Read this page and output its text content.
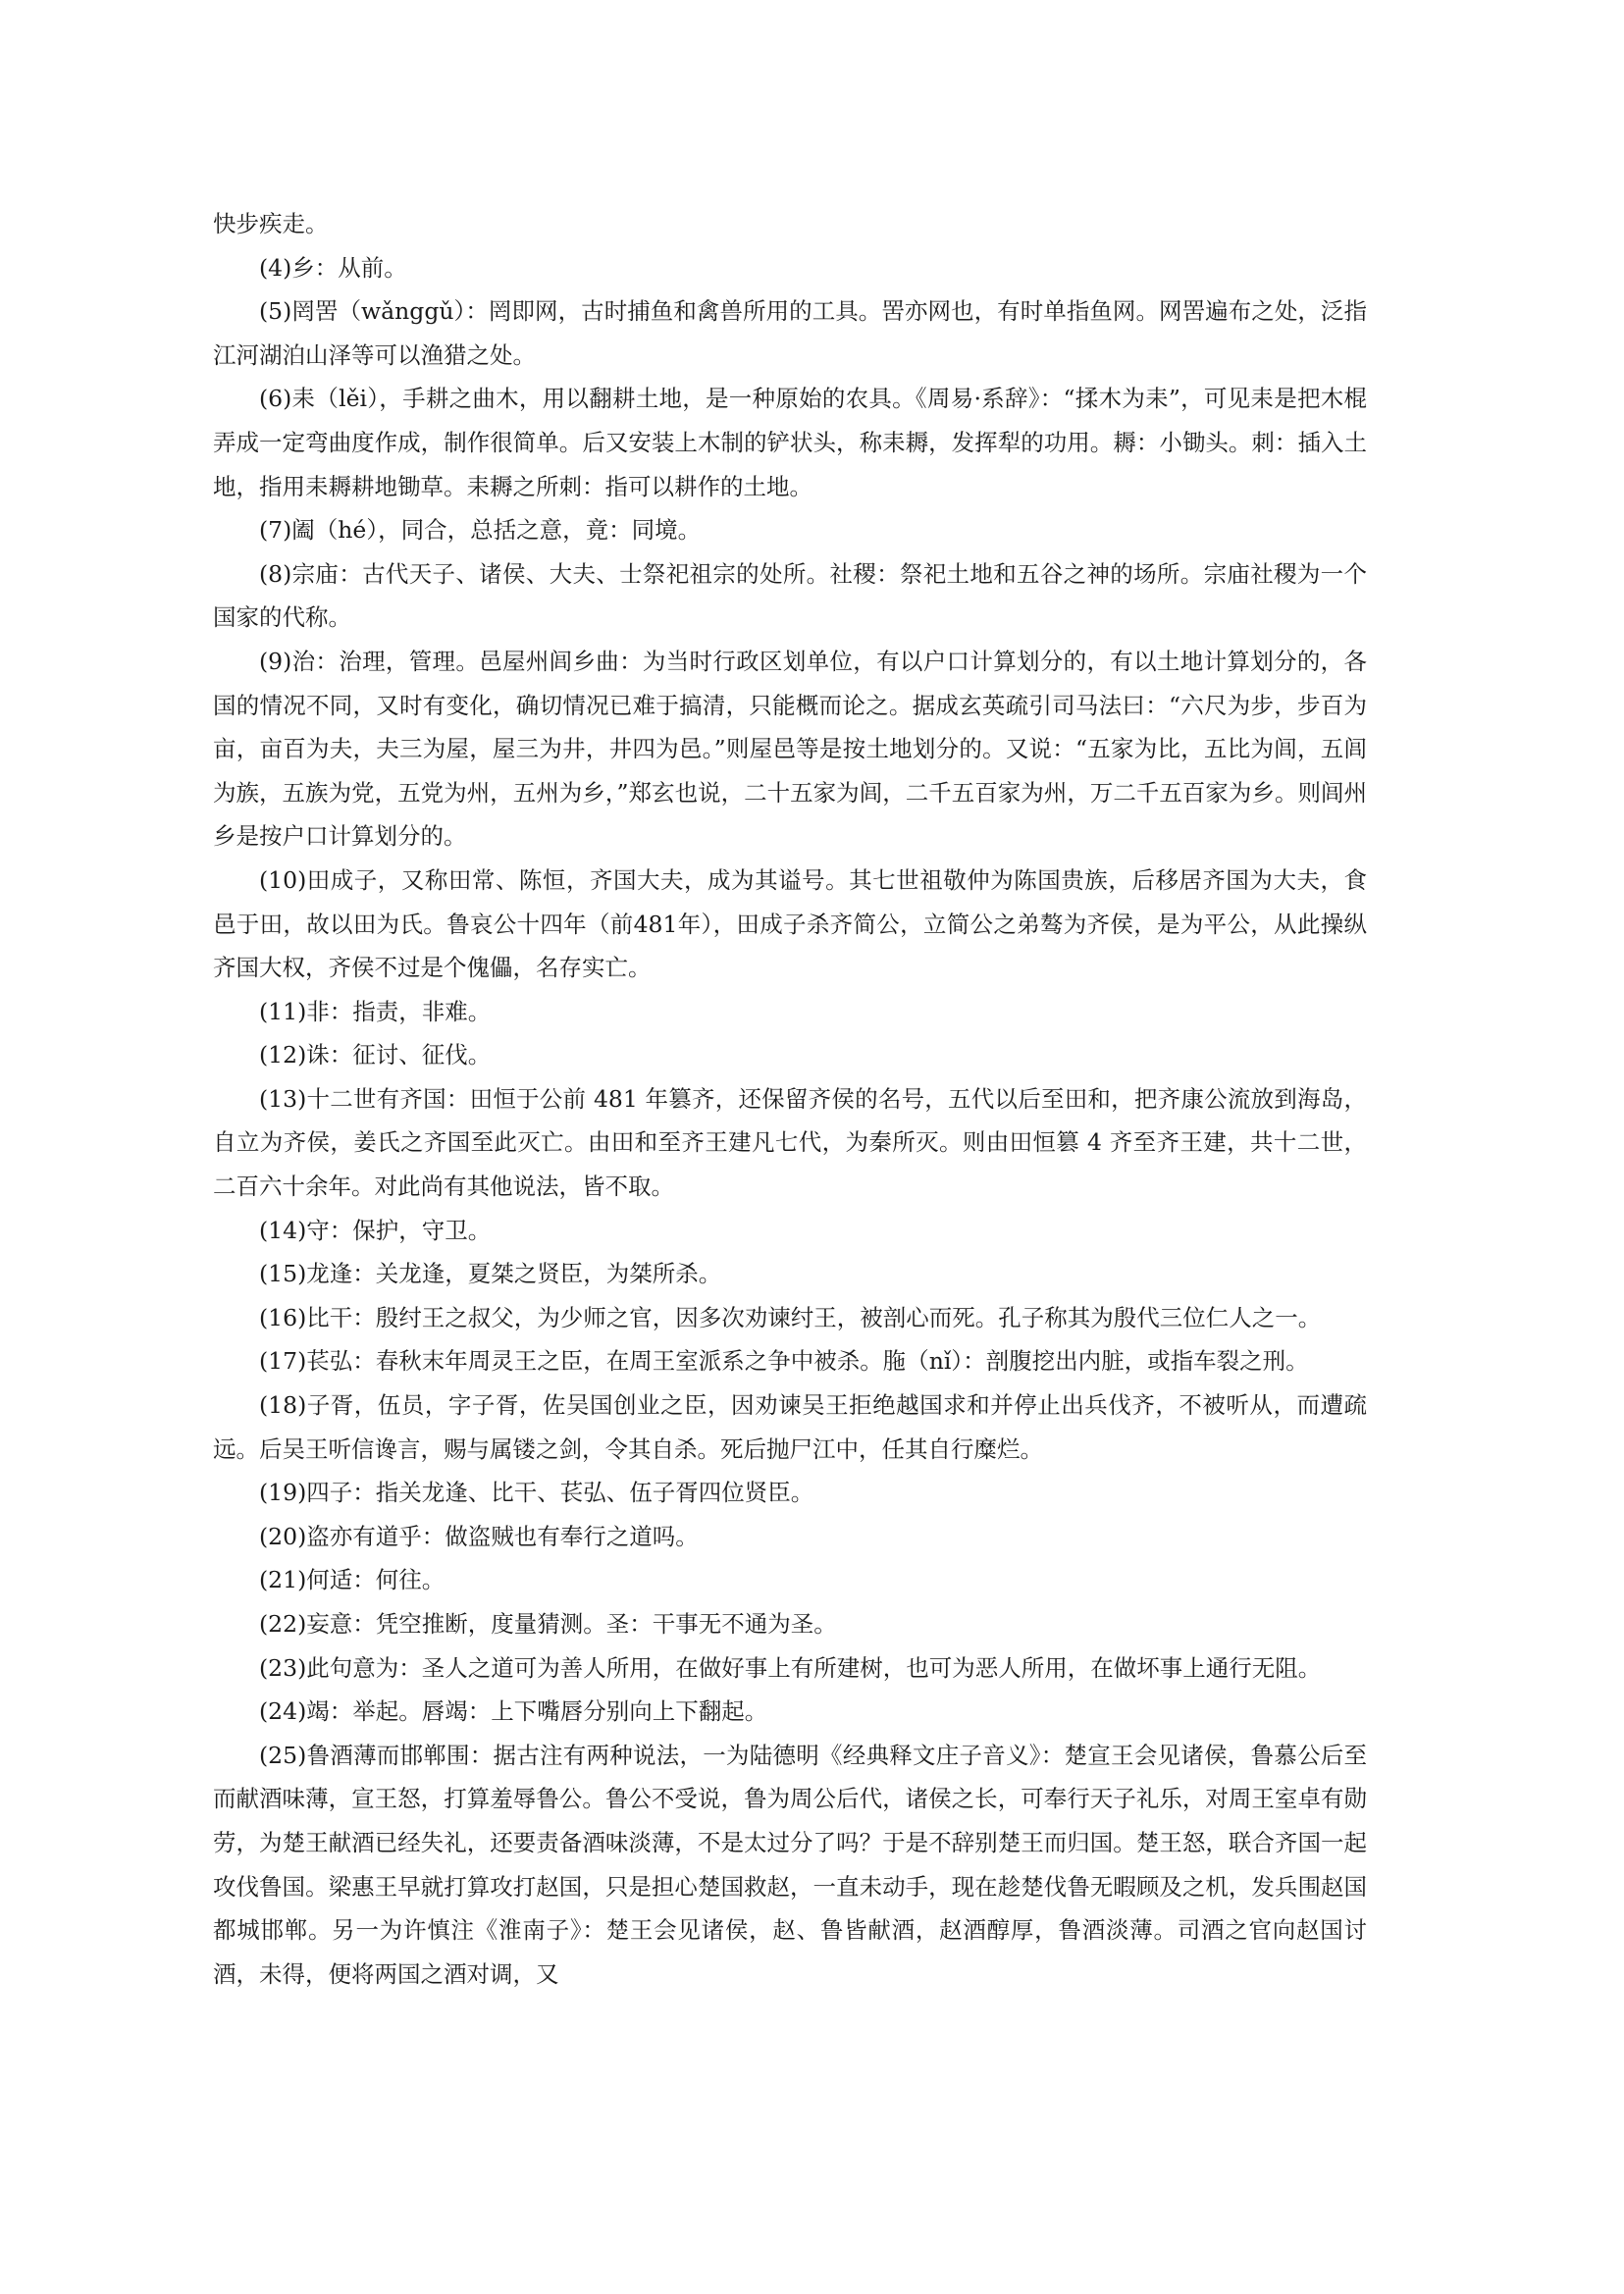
快步疾走。

(4)乡：从前。

(5)罔罟（wǎnggǔ）：罔即网，古时捕鱼和禽兽所用的工具。罟亦网也，有时单指鱼网。网罟遍布之处，泛指江河湖泊山泽等可以渔猎之处。

(6)耒（lěi），手耕之曲木，用以翻耕土地，是一种原始的农具。《周易·系辞》：“揉木为耒”，可见耒是把木棍弄成一定弯曲度作成，制作很简单。后又安装上木制的铲状头，称耒耨，发挥犁的功用。耨：小锄头。刺：插入土地，指用耒耨耕地锄草。耒耨之所刺：指可以耕作的土地。

(7)阖（hé），同合，总括之意，竟：同境。

(8)宗庙：古代天子、诸侯、大夫、士祭祀祖宗的处所。社稷：祭祀土地和五谷之神的场所。宗庙社稷为一个国家的代称。

(9)治：治理，管理。邑屋州闾乡曲：为当时行政区划单位，有以户口计算划分的，有以土地计算划分的，各国的情况不同，又时有变化，确切情况已难于搞清，只能概而论之。据成玄英疏引司马法曰：“六尺为步，步百为亩，亩百为夫，夫三为屋，屋三为井，井四为邑。”则屋邑等是按土地划分的。又说：“五家为比，五比为闾，五闾为族，五族为党，五党为州，五州为乡，”郑玄也说，二十五家为闾，二千五百家为州，万二千五百家为乡。则闾州乡是按户口计算划分的。

(10)田成子，又称田常、陈恒，齐国大夫，成为其谥号。其七世祖敬仲为陈国贵族，后移居齐国为大夫，食邑于田，故以田为氏。鲁哀公十四年（前481年），田成子杀齐简公，立简公之弟骜为齐侯，是为平公，从此操纵齐国大权，齐侯不过是个傀儡，名存实亡。

(11)非：指责，非难。

(12)诛：征讨、征伐。

(13)十二世有齐国：田恒于公前 481 年篡齐，还保留齐侯的名号，五代以后至田和，把齐康公流放到海岛，自立为齐侯，姜氏之齐国至此灭亡。由田和至齐王建凡七代，为秦所灭。则由田恒篡 4 齐至齐王建，共十二世，二百六十余年。对此尚有其他说法，皆不取。

(14)守：保护，守卫。

(15)龙逢：关龙逢，夏桀之贤臣，为桀所杀。

(16)比干：殷纣王之叔父，为少师之官，因多次劝谏纣王，被剖心而死。孔子称其为殷代三位仁人之一。

(17)苌弘：春秋末年周灵王之臣，在周王室派系之争中被杀。胣（nǐ）：剖腹挖出内脏，或指车裂之刑。

(18)子胥，伍员，字子胥，佐吴国创业之臣，因劝谏吴王拒绝越国求和并停止出兵伐齐，不被听从，而遭疏远。后吴王听信谗言，赐与属镂之剑，令其自杀。死后抛尸江中，任其自行糜烂。

(19)四子：指关龙逢、比干、苌弘、伍子胥四位贤臣。

(20)盗亦有道乎：做盗贼也有奉行之道吗。

(21)何适：何往。

(22)妄意：凭空推断，度量猜测。圣：干事无不通为圣。

(23)此句意为：圣人之道可为善人所用，在做好事上有所建树，也可为恶人所用，在做坏事上通行无阻。

(24)竭：举起。唇竭：上下嘴唇分别向上下翻起。

(25)鲁酒薄而邯郸围：据古注有两种说法，一为陆德明《经典释文庄子音义》：楚宣王会见诸侯，鲁慕公后至而献酒味薄，宣王怒，打算羞辱鲁公。鲁公不受说，鲁为周公后代，诸侯之长，可奉行天子礼乐，对周王室卓有勋劳，为楚王献酒已经失礼，还要责备酒味淡薄，不是太过分了吗？于是不辞别楚王而归国。楚王怒，联合齐国一起攻伐鲁国。梁惠王早就打算攻打赵国，只是担心楚国救赵，一直未动手，现在趁楚伐鲁无暇顾及之机，发兵围赵国都城邯郸。另一为许慎注《淮南子》：楚王会见诸侯，赵、鲁皆献酒，赵酒醇厚，鲁酒淡薄。司酒之官向赵国讨酒，未得，便将两国之酒对调，又
